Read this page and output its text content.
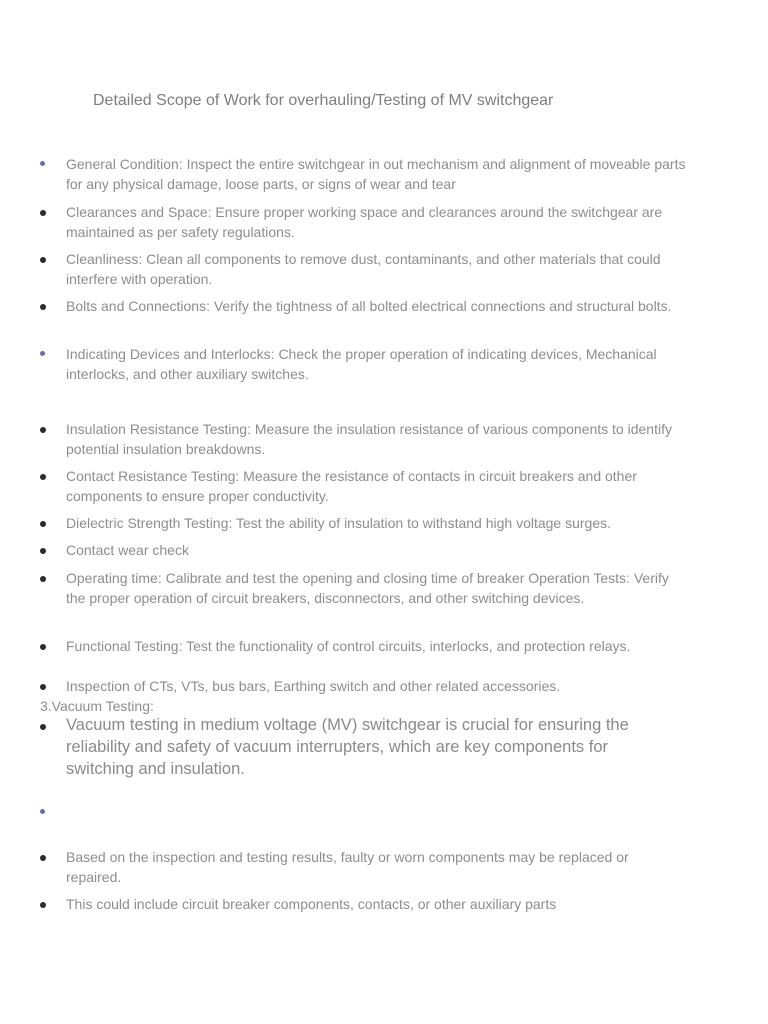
Detailed Scope of Work for overhauling/Testing of MV switchgear
General Condition: Inspect the entire switchgear in out mechanism and alignment of moveable parts for any physical damage, loose parts, or signs of wear and tear
Clearances and Space: Ensure proper working space and clearances around the switchgear are maintained as per safety regulations.
Cleanliness: Clean all components to remove dust, contaminants, and other materials that could interfere with operation.
Bolts and Connections: Verify the tightness of all bolted electrical connections and structural bolts.
Indicating Devices and Interlocks: Check the proper operation of indicating devices, Mechanical interlocks, and other auxiliary switches.
Insulation Resistance Testing: Measure the insulation resistance of various components to identify potential insulation breakdowns.
Contact Resistance Testing: Measure the resistance of contacts in circuit breakers and other components to ensure proper conductivity.
Dielectric Strength Testing: Test the ability of insulation to withstand high voltage surges.
Contact wear check
Operating time: Calibrate and test the opening and closing time of breaker Operation Tests: Verify the proper operation of circuit breakers, disconnectors, and other switching devices.
Functional Testing: Test the functionality of control circuits, interlocks, and protection relays.
Inspection of CTs, VTs, bus bars, Earthing switch and other related accessories.
3.Vacuum Testing:
Vacuum testing in medium voltage (MV) switchgear is crucial for ensuring the reliability and safety of vacuum interrupters, which are key components for switching and insulation.
Based on the inspection and testing results, faulty or worn components may be replaced or repaired.
This could include circuit breaker components, contacts, or other auxiliary parts
